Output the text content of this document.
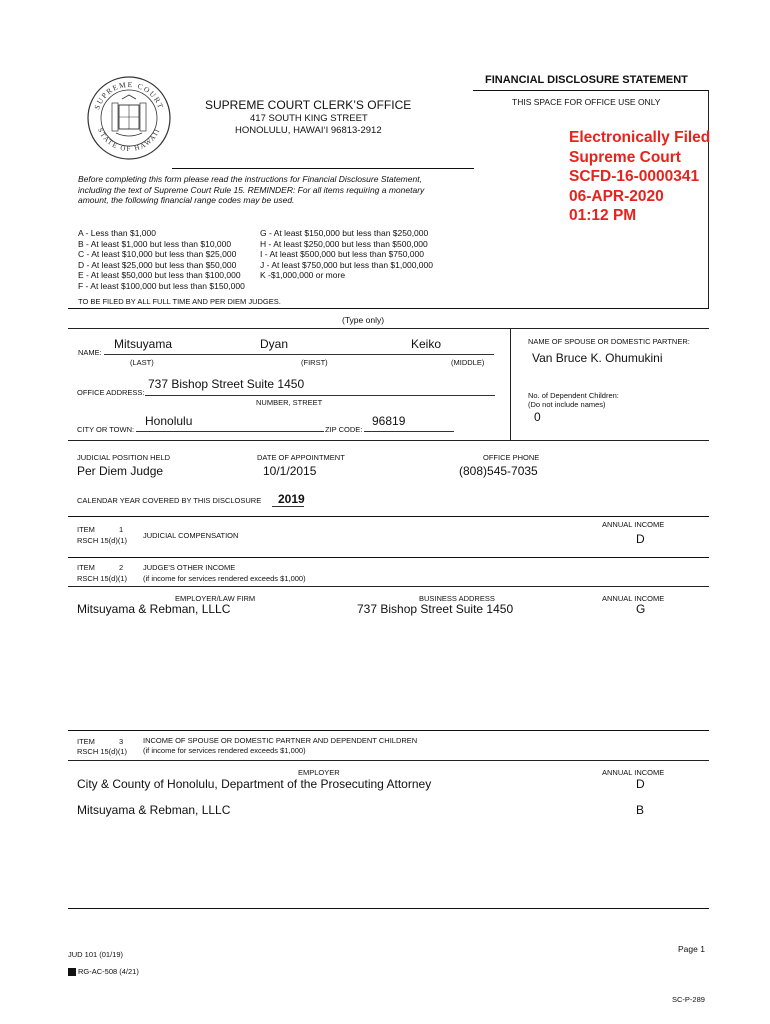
FINANCIAL DISCLOSURE STATEMENT
THIS SPACE FOR OFFICE USE ONLY
SUPREME COURT
STATE OF HAWAII
SUPREME COURT CLERK’S OFFICE
417 SOUTH KING STREET
HONOLULU, HAWAI‘I 96813-2912	Electronically Filed
Supreme Court
SCFD-16-0000341
06-APR-2020
01:12 PM
Before completing this form please read the instructions for Financial Disclosure Statement,
including the text of Supreme Court Rule 15. REMINDER: For all items requiring a monetary
amount, the following financial range codes may be used.
A - Less than $1,000
B - At least $1,000 but less than $10,000
C - At least $10,000 but less than $25,000
D - At least $25,000 but less than $50,000
E - At least $50,000 but less than $100,000
F - At least $100,000 but less than $150,000
G - At least $150,000 but less than $250,000
H - At least $250,000 but less than $500,000
I - At least $500,000 but less than $750,000
J - At least $750,000 but less than $1,000,000
K -$1,000,000 or more
TO BE FILED BY ALL FULL TIME AND PER DIEM JUDGES.
(Type only)
Mitsuyama	Dyan	Keiko
NAME:
(LAST)	(FIRST)	(MIDDLE)
NAME OF SPOUSE OR DOMESTIC PARTNER:
Van Bruce K. Ohumukini
737 Bishop Street Suite 1450
OFFICE ADDRESS:
NUMBER, STREET
No. of Dependent Children:
(Do not include names)
0
Honolulu	96819
CITY OR TOWN:	ZIP CODE:
JUDICIAL POSITION HELD	DATE OF APPOINTMENT	OFFICE PHONE
Per Diem Judge	10/1/2015	(808)545-7035
CALENDAR YEAR COVERED BY THIS DISCLOSURE 2019
ITEM	1
RSCH 15(d)(1)
JUDICIAL COMPENSATION
ANNUAL INCOME
D
ITEM	2
RSCH 15(d)(1)
JUDGE'S OTHER INCOME
(if income for services rendered exceeds $1,000)
EMPLOYER/LAW FIRM	BUSINESS ADDRESS	ANNUAL INCOME
Mitsuyama & Rebman, LLLC	737 Bishop Street Suite 1450	G
ITEM	3
RSCH 15(d)(1)
INCOME OF SPOUSE OR DOMESTIC PARTNER AND DEPENDENT CHILDREN
(if income for services rendered exceeds $1,000)
EMPLOYER	ANNUAL INCOME
City & County of Honolulu, Department of the Prosecuting Attorney	D
Mitsuyama & Rebman, LLLC	B
Page 1
JUD 101 (01/19)
RG-AC-508 (4/21)
SC-P-289
